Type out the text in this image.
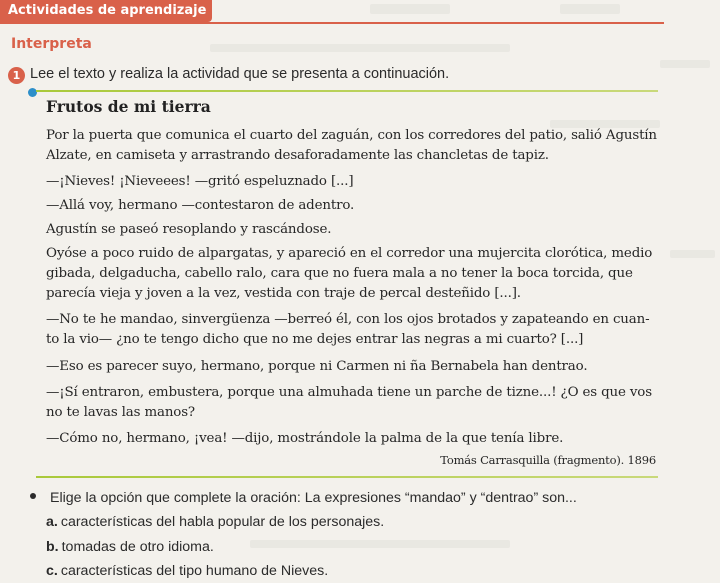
Actividades de aprendizaje
Interpreta
1 Lee el texto y realiza la actividad que se presenta a continuación.
Frutos de mi tierra

Por la puerta que comunica el cuarto del zaguán, con los corredores del patio, salió Agustín Alzate, en camiseta y arrastrando desaforadamente las chancletas de tapiz.

—¡Nieves! ¡Nieveees! —gritó espeluznado [...]

—Allá voy, hermano —contestaron de adentro.

Agustín se paseó resoplando y rascándose.

Oyóse a poco ruido de alpargatas, y apareció en el corredor una mujercita clorótica, medio gibada, delgaducha, cabello ralo, cara que no fuera mala a no tener la boca torcida, que parecía vieja y joven a la vez, vestida con traje de percal desteñido [...].

—No te he mandao, sinvergüenza —berreó él, con los ojos brotados y zapateando en cuan-to la vio— ¿no te tengo dicho que no me dejes entrar las negras a mi cuarto? [...]

—Eso es parecer suyo, hermano, porque ni Carmen ni ña Bernabela han dentrao.

—¡Sí entraron, embustera, porque una almuhada tiene un parche de tizne...! ¿O es que vos no te lavas las manos?

—Cómo no, hermano, ¡vea! —dijo, mostrándole la palma de la que tenía libre.

Tomás Carrasquilla (fragmento). 1896
Elige la opción que complete la oración: La expresiones “mandao” y “dentrao” son...
a. características del habla popular de los personajes.
b. tomadas de otro idioma.
c. características del tipo humano de Nieves.
